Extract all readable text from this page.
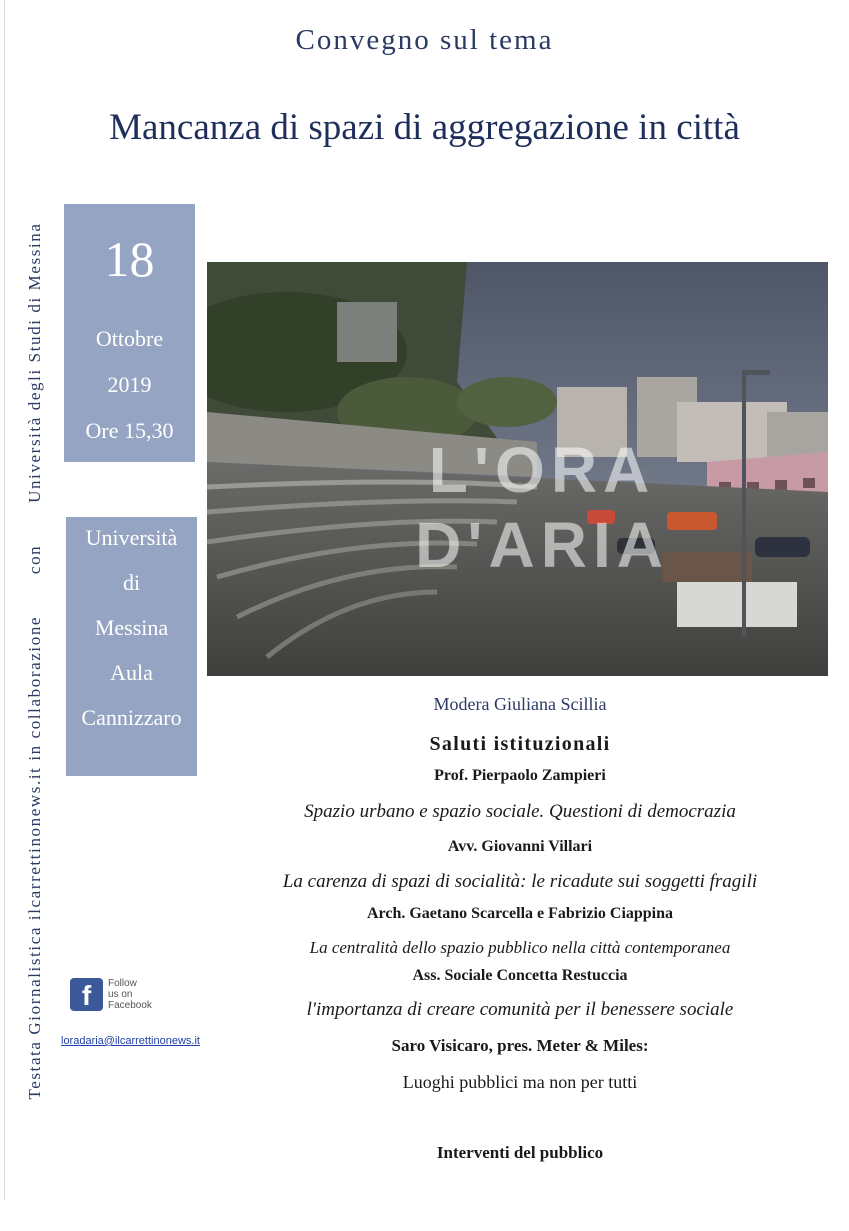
Convegno sul tema
Mancanza di spazi di aggregazione in città
Testata Giornalistica ilcarrettinonews.it in collaborazione con Università degli Studi di Messina	18
Ottobre
2019
Ore 15,30
Università
di
Messina
Aula
Cannizzaro
L'ORA
D'ARIA
Modera Giuliana Scillia
Saluti istituzionali
Prof. Pierpaolo Zampieri
Spazio urbano e spazio sociale. Questioni di democrazia
Avv. Giovanni Villari
La carenza di spazi di socialità: le ricadute sui soggetti fragili
Arch. Gaetano Scarcella e Fabrizio Ciappina
La centralità dello spazio pubblico nella città contemporanea
Ass. Sociale Concetta Restuccia
l'importanza di creare comunità per il benessere sociale
Saro Visicaro, pres. Meter & Miles:
Luoghi pubblici ma non per tutti
Interventi del pubblico
f	Follow
us on
Facebook
loradaria@ilcarrettinonews.it
